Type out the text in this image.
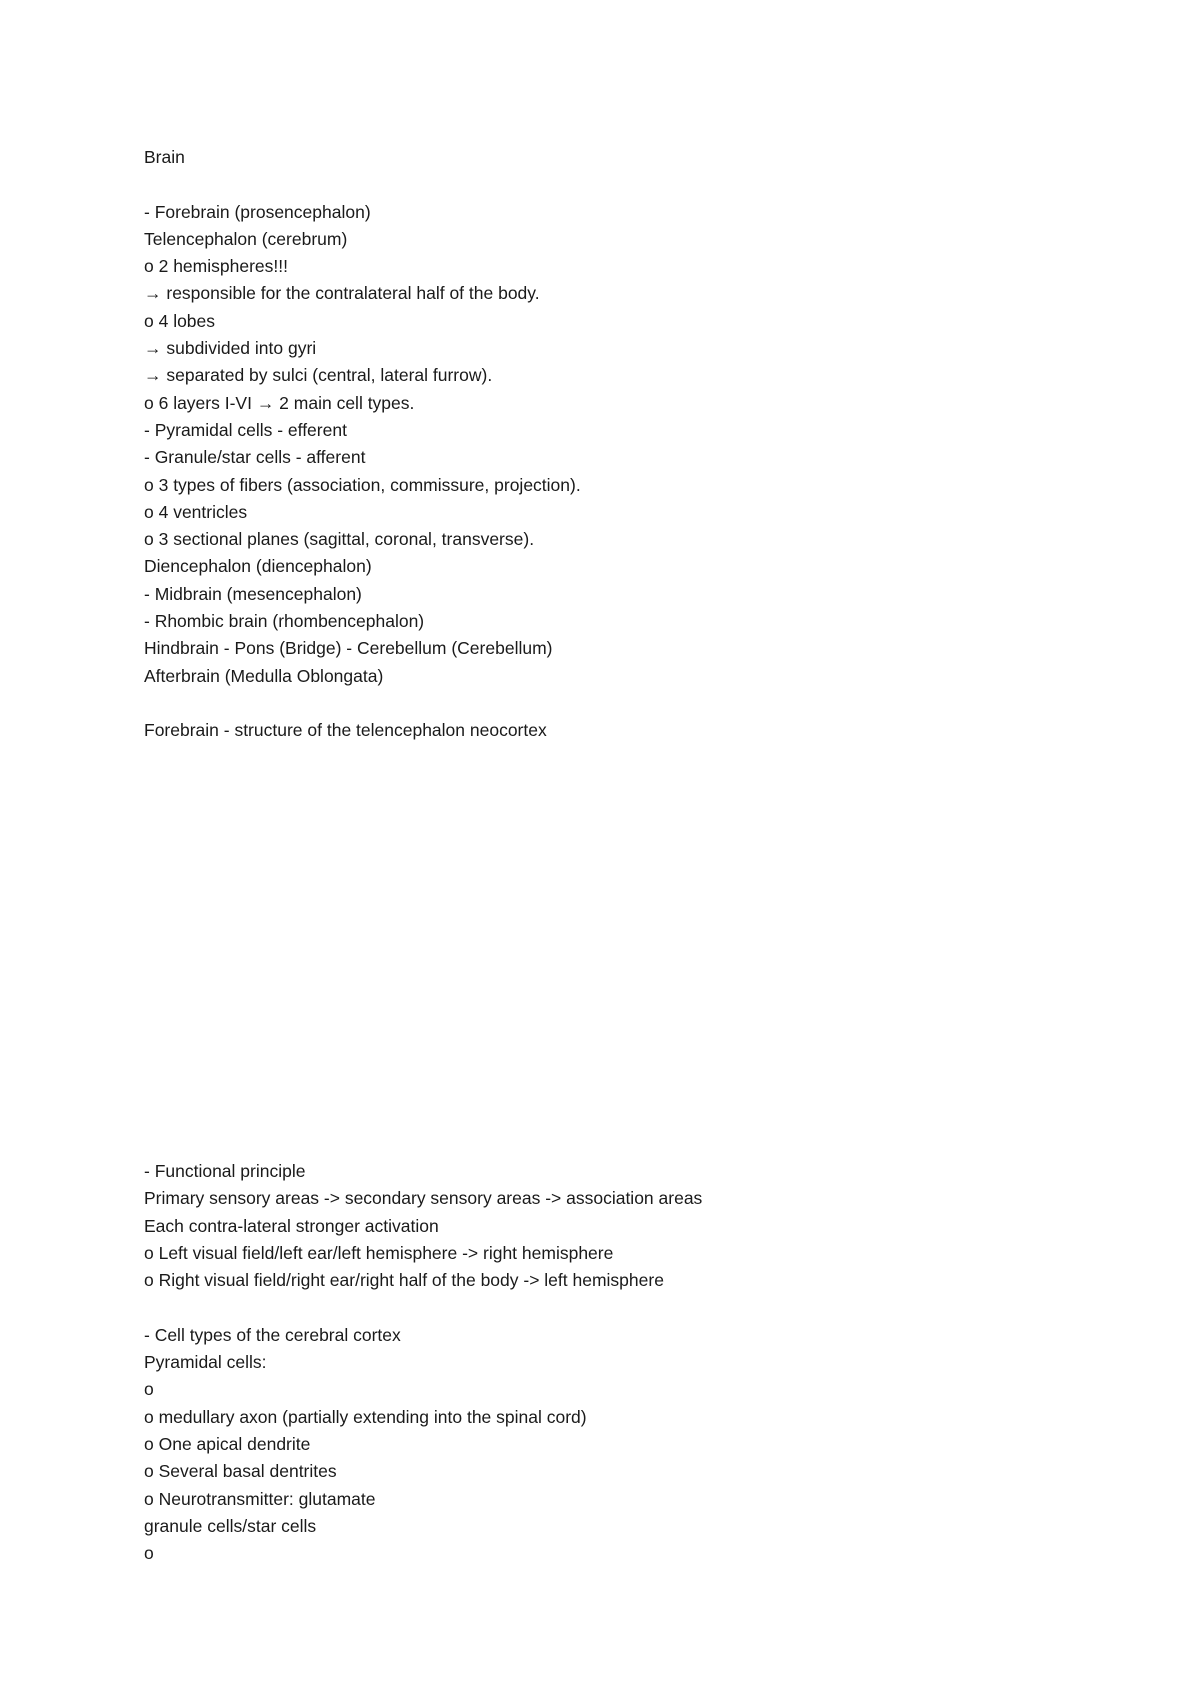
Brain
- Forebrain (prosencephalon)
Telencephalon (cerebrum)
o 2 hemispheres!!!
→ responsible for the contralateral half of the body.
o 4 lobes
→ subdivided into gyri
→ separated by sulci (central, lateral furrow).
o 6 layers I-VI → 2 main cell types.
- Pyramidal cells - efferent
- Granule/star cells - afferent
o 3 types of fibers (association, commissure, projection).
o 4 ventricles
o 3 sectional planes (sagittal, coronal, transverse).
Diencephalon (diencephalon)
- Midbrain (mesencephalon)
- Rhombic brain (rhombencephalon)
Hindbrain - Pons (Bridge) - Cerebellum (Cerebellum)
Afterbrain (Medulla Oblongata)
Forebrain - structure of the telencephalon neocortex
- Functional principle
Primary sensory areas -> secondary sensory areas -> association areas
Each contra-lateral stronger activation
o Left visual field/left ear/left hemisphere -> right hemisphere
o Right visual field/right ear/right half of the body -> left hemisphere
- Cell types of the cerebral cortex
Pyramidal cells:
o
o medullary axon (partially extending into the spinal cord)
o One apical dendrite
o Several basal dentrites
o Neurotransmitter: glutamate
granule cells/star cells
o
